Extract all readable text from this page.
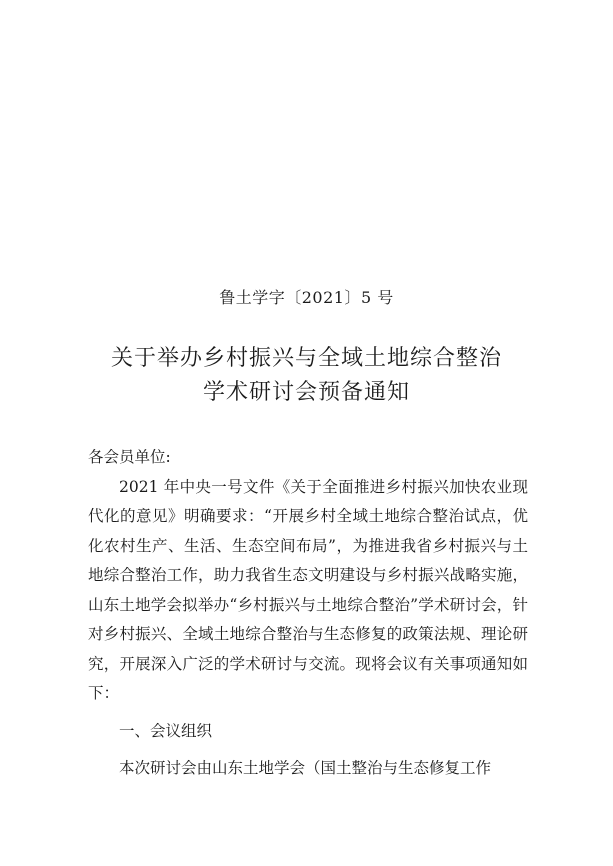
鲁土学字〔2021〕5 号
关于举办乡村振兴与全域土地综合整治
学术研讨会预备通知
各会员单位:

2021 年中央一号文件《关于全面推进乡村振兴加快农业现代化的意见》明确要求：“开展乡村全域土地综合整治试点，优化农村生产、生活、生态空间布局”，为推进我省乡村振兴与土地综合整治工作，助力我省生态文明建设与乡村振兴战略实施，山东土地学会拟举办“乡村振兴与土地综合整治”学术研讨会，针对乡村振兴、全域土地综合整治与生态修复的政策法规、理论研究，开展深入广泛的学术研讨与交流。现将会议有关事项通知如下：

一、会议组织

本次研讨会由山东土地学会（国土整治与生态修复工作
